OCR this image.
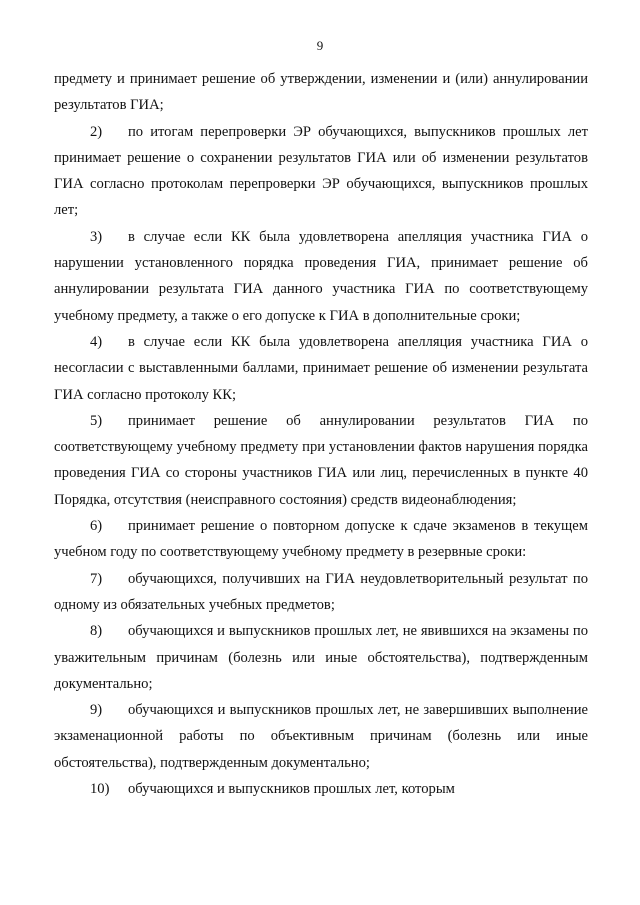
9

предмету и принимает решение об утверждении, изменении и (или) аннулировании результатов ГИА;

2) по итогам перепроверки ЭР обучающихся, выпускников прошлых лет принимает решение о сохранении результатов ГИА или об изменении результатов ГИА согласно протоколам перепроверки ЭР обучающихся, выпускников прошлых лет;

3) в случае если КК была удовлетворена апелляция участника ГИА о нарушении установленного порядка проведения ГИА, принимает решение об аннулировании результата ГИА данного участника ГИА по соответствующему учебному предмету, а также о его допуске к ГИА в дополнительные сроки;

4) в случае если КК была удовлетворена апелляция участника ГИА о несогласии с выставленными баллами, принимает решение об изменении результата ГИА согласно протоколу КК;

5) принимает решение об аннулировании результатов ГИА по соответствующему учебному предмету при установлении фактов нарушения порядка проведения ГИА со стороны участников ГИА или лиц, перечисленных в пункте 40 Порядка, отсутствия (неисправного состояния) средств видеонаблюдения;

6) принимает решение о повторном допуске к сдаче экзаменов в текущем учебном году по соответствующему учебному предмету в резервные сроки:

7) обучающихся, получивших на ГИА неудовлетворительный результат по одному из обязательных учебных предметов;

8) обучающихся и выпускников прошлых лет, не явившихся на экзамены по уважительным причинам (болезнь или иные обстоятельства), подтвержденным документально;

9) обучающихся и выпускников прошлых лет, не завершивших выполнение экзаменационной работы по объективным причинам (болезнь или иные обстоятельства), подтвержденным документально;

10) обучающихся и выпускников прошлых лет, которым
